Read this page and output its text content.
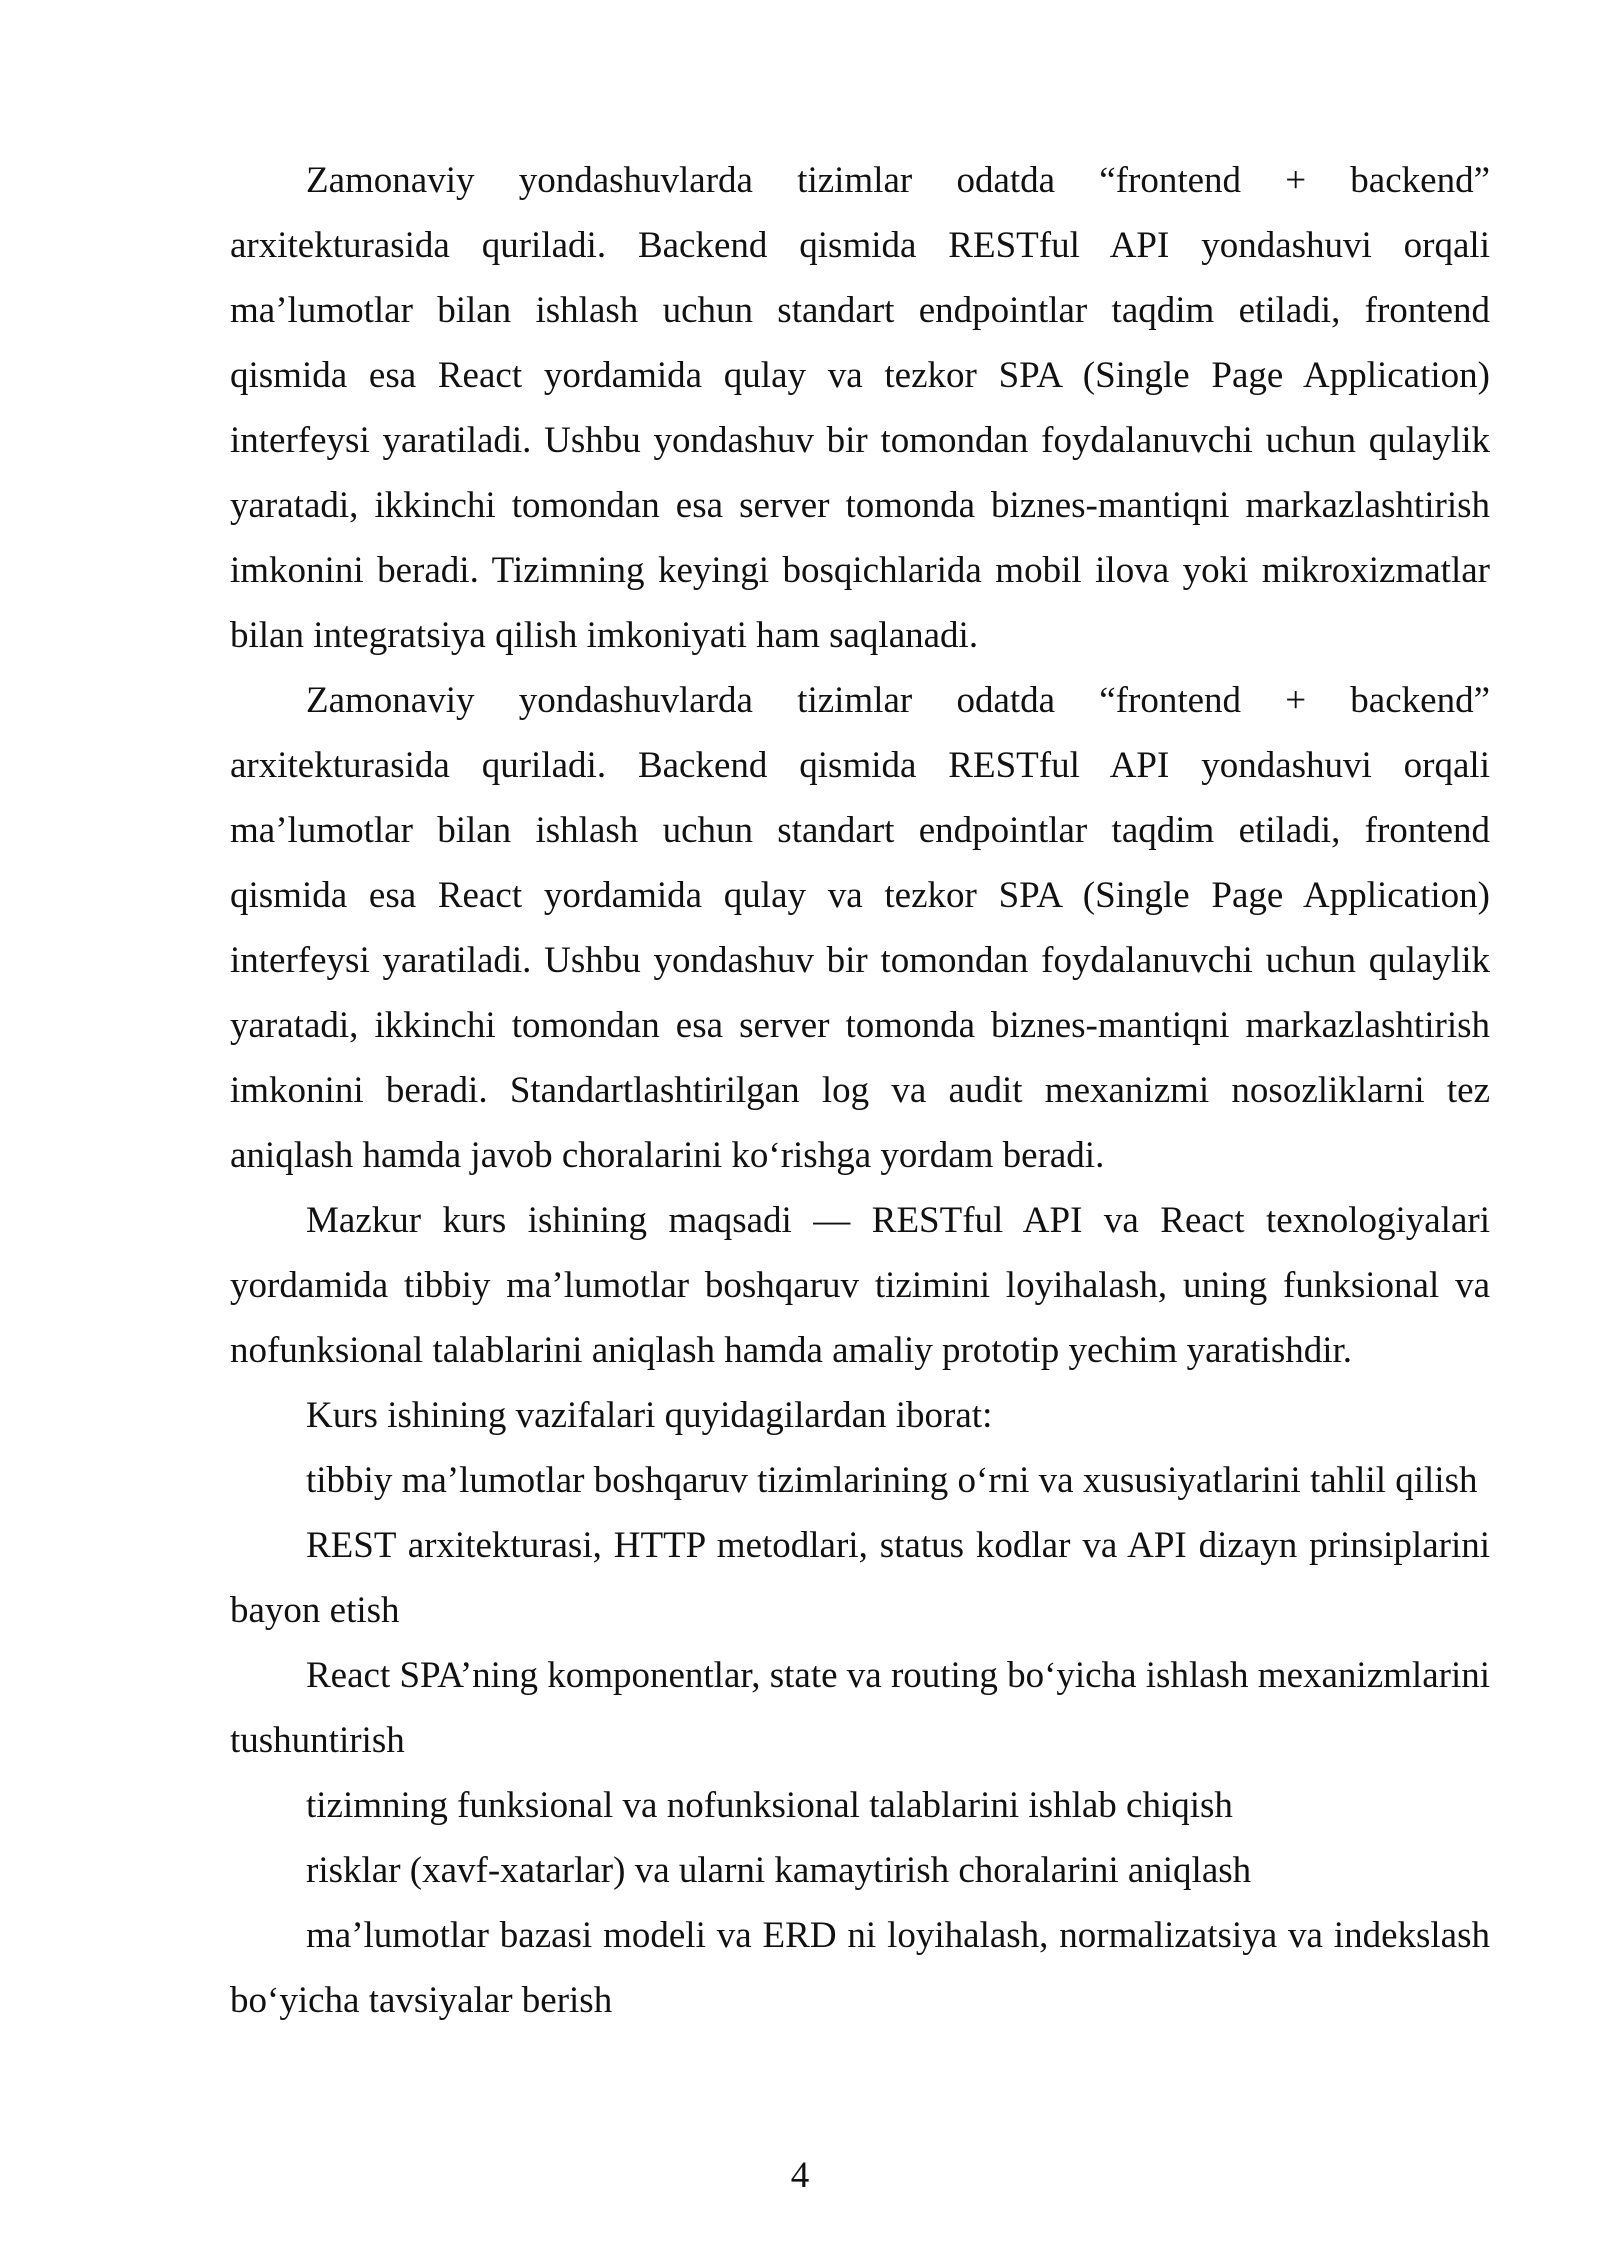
Zamonaviy yondashuvlarda tizimlar odatda “frontend + backend” arxitekturasida quriladi. Backend qismida RESTful API yondashuvi orqali ma’lumotlar bilan ishlash uchun standart endpointlar taqdim etiladi, frontend qismida esa React yordamida qulay va tezkor SPA (Single Page Application) interfeysi yaratiladi. Ushbu yondashuv bir tomondan foydalanuvchi uchun qulaylik yaratadi, ikkinchi tomondan esa server tomonda biznes-mantiqni markazlashtirish imkonini beradi. Tizimning keyingi bosqichlarida mobil ilova yoki mikroxizmatlar bilan integratsiya qilish imkoniyati ham saqlanadi.

Zamonaviy yondashuvlarda tizimlar odatda “frontend + backend” arxitekturasida quriladi. Backend qismida RESTful API yondashuvi orqali ma’lumotlar bilan ishlash uchun standart endpointlar taqdim etiladi, frontend qismida esa React yordamida qulay va tezkor SPA (Single Page Application) interfeysi yaratiladi. Ushbu yondashuv bir tomondan foydalanuvchi uchun qulaylik yaratadi, ikkinchi tomondan esa server tomonda biznes-mantiqni markazlashtirish imkonini beradi. Standartlashtirilgan log va audit mexanizmi nosozliklarni tez aniqlash hamda javob choralarini ko‘rishga yordam beradi.

Mazkur kurs ishining maqsadi — RESTful API va React texnologiyalari yordamida tibbiy ma’lumotlar boshqaruv tizimini loyihalash, uning funksional va nofunksional talablarini aniqlash hamda amaliy prototip yechim yaratishdir.

Kurs ishining vazifalari quyidagilardan iborat:

tibbiy ma’lumotlar boshqaruv tizimlarining o‘rni va xususiyatlarini tahlil qilish

REST arxitekturasi, HTTP metodlari, status kodlar va API dizayn prinsiplarini bayon etish

React SPA’ning komponentlar, state va routing bo‘yicha ishlash mexanizmlarini tushuntirish

tizimning funksional va nofunksional talablarini ishlab chiqish

risklar (xavf-xatarlar) va ularni kamaytirish choralarini aniqlash

ma’lumotlar bazasi modeli va ERD ni loyihalash, normalizatsiya va indekslash bo‘yicha tavsiyalar berish

4
